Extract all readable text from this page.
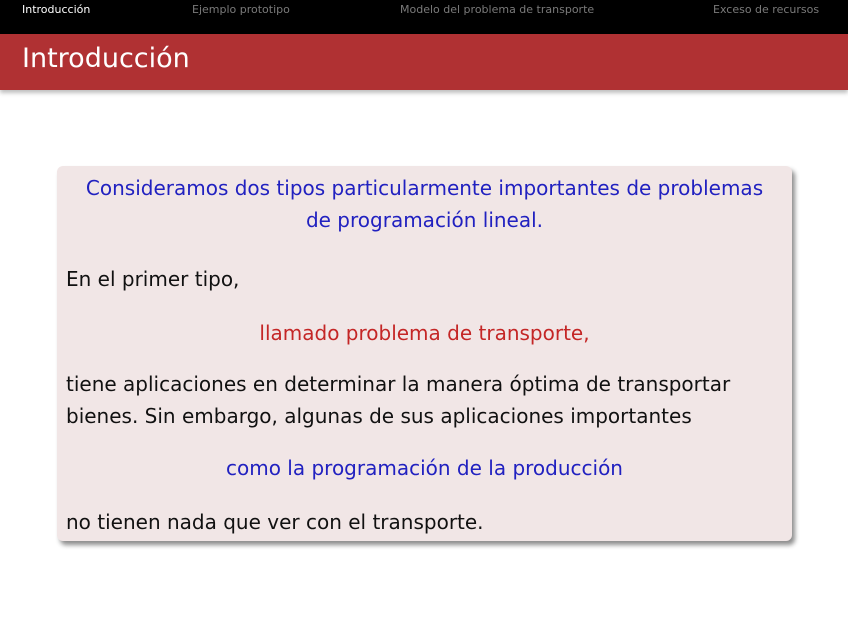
Introducción	Ejemplo prototipo	Modelo del problema de transporte	Exceso de recursos
Introducción
Consideramos dos tipos particularmente importantes de problemas
de programación lineal.
En el primer tipo,
llamado problema de transporte,
tiene aplicaciones en determinar la manera óptima de transportar
bienes. Sin embargo, algunas de sus aplicaciones importantes
como la programación de la producción
no tienen nada que ver con el transporte.
